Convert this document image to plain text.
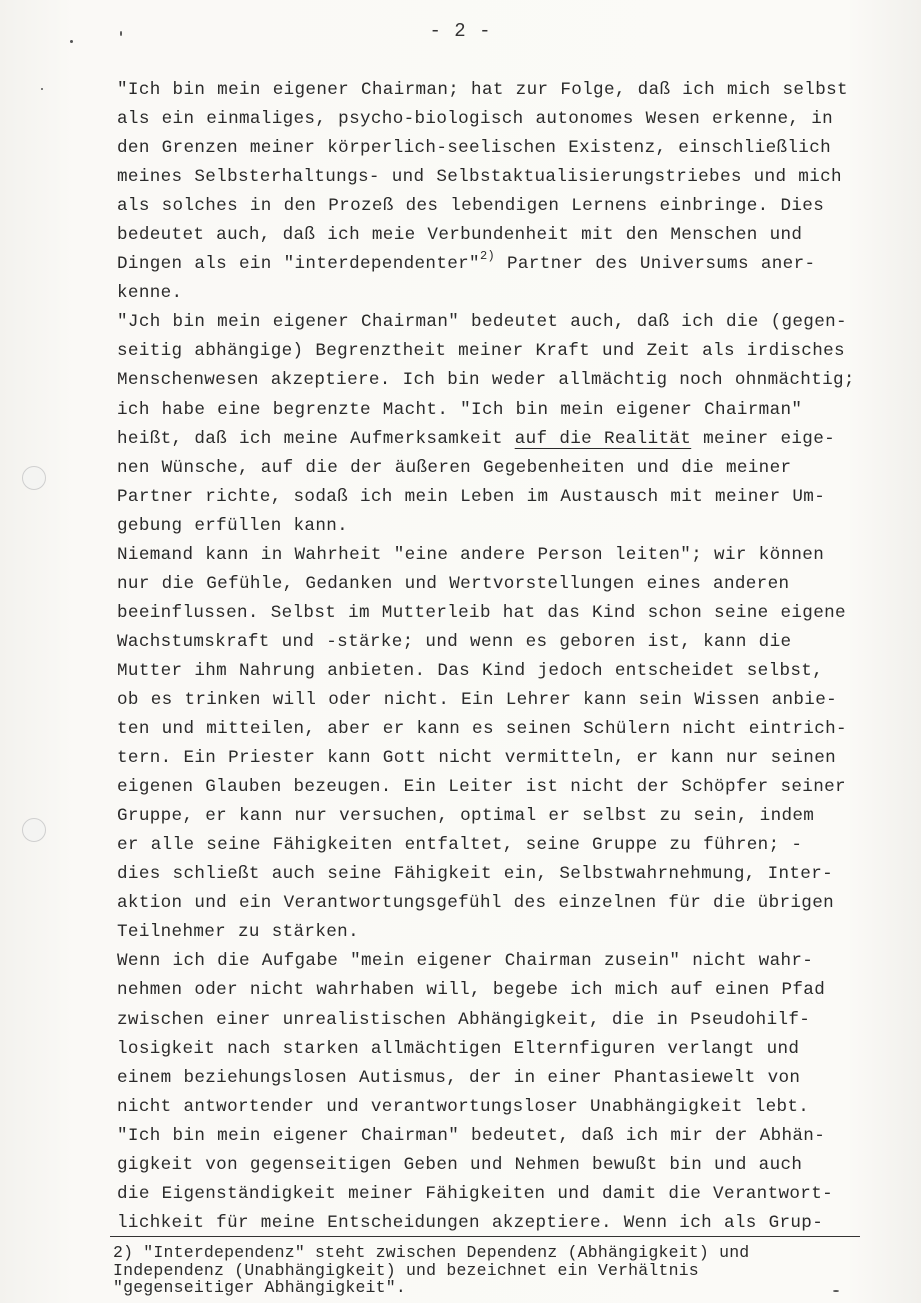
- 2 -
"Ich bin mein eigener Chairman; hat zur Folge, daß ich mich selbst
als ein einmaliges, psycho-biologisch autonomes Wesen erkenne, in
den Grenzen meiner körperlich-seelischen Existenz, einschließlich
meines Selbsterhaltungs- und Selbstaktualisierungstriebes und mich
als solches in den Prozeß des lebendigen Lernens einbringe. Dies
bedeutet auch, daß ich meie Verbundenheit mit den Menschen und
Dingen als ein "interdependenter"$^{2)}$ Partner des Universums aner-
kenne.
"Jch bin mein eigener Chairman" bedeutet auch, daß ich die (gegen-
seitig abhängige) Begrenztheit meiner Kraft und Zeit als irdisches
Menschenwesen akzeptiere. Ich bin weder allmächtig noch ohnmächtig;
ich habe eine begrenzte Macht. "Ich bin mein eigener Chairman"
heißt, daß ich meine Aufmerksamkeit auf die Realität meiner eige-
nen Wünsche, auf die der äußeren Gegebenheiten und die meiner
Partner richte, sodaß ich mein Leben im Austausch mit meiner Um-
gebung erfüllen kann.
Niemand kann in Wahrheit "eine andere Person leiten"; wir können
nur die Gefühle, Gedanken und Wertvorstellungen eines anderen
beeinflussen. Selbst im Mutterleib hat das Kind schon seine eigene
Wachstumskraft und -stärke; und wenn es geboren ist, kann die
Mutter ihm Nahrung anbieten. Das Kind jedoch entscheidet selbst,
ob es trinken will oder nicht. Ein Lehrer kann sein Wissen anbie-
ten und mitteilen, aber er kann es seinen Schülern nicht eintrich-
tern. Ein Priester kann Gott nicht vermitteln, er kann nur seinen
eigenen Glauben bezeugen. Ein Leiter ist nicht der Schöpfer seiner
Gruppe, er kann nur versuchen, optimal er selbst zu sein, indem
er alle seine Fähigkeiten entfaltet, seine Gruppe zu führen; -
dies schließt auch seine Fähigkeit ein, Selbstwahrnehmung, Inter-
aktion und ein Verantwortungsgefühl des einzelnen für die übrigen
Teilnehmer zu stärken.
Wenn ich die Aufgabe "mein eigener Chairman zusein" nicht wahr-
nehmen oder nicht wahrhaben will, begebe ich mich auf einen Pfad
zwischen einer unrealistischen Abhängigkeit, die in Pseudohilf-
losigkeit nach starken allmächtigen Elternfiguren verlangt und
einem beziehungslosen Autismus, der in einer Phantasiewelt von
nicht antwortender und verantwortungsloser Unabhängigkeit lebt.
"Ich bin mein eigener Chairman" bedeutet, daß ich mir der Abhän-
gigkeit von gegenseitigen Geben und Nehmen bewußt bin und auch
die Eigenständigkeit meiner Fähigkeiten und damit die Verantwort-
lichkeit für meine Entscheidungen akzeptiere. Wenn ich als Grup-
2) "Interdependenz" steht zwischen Dependenz (Abhängigkeit) und
Independenz (Unabhängigkeit) und bezeichnet ein Verhältnis
"gegenseitiger Abhängigkeit".
